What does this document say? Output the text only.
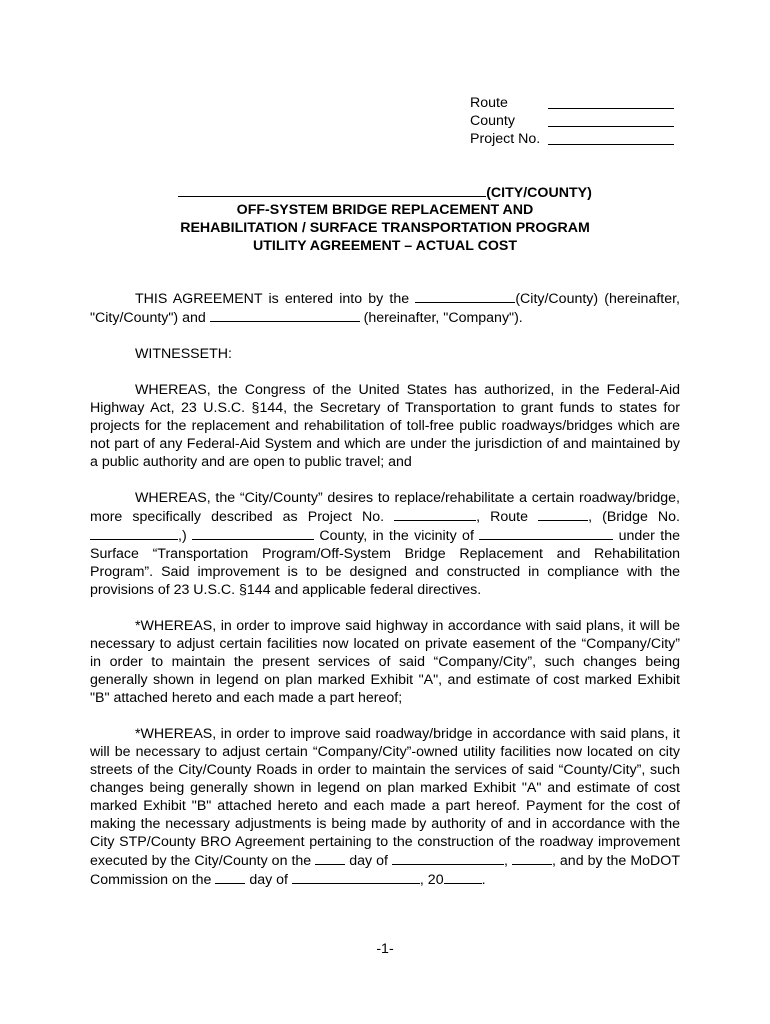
Route
County
Project No.
(CITY/COUNTY)
OFF-SYSTEM BRIDGE REPLACEMENT AND
REHABILITATION / SURFACE TRANSPORTATION PROGRAM
UTILITY AGREEMENT – ACTUAL COST

THIS AGREEMENT is entered into by the	(City/County) (hereinafter, "City/County") and	(hereinafter, "Company").

WITNESSETH:

WHEREAS, the Congress of the United States has authorized, in the Federal-Aid Highway Act, 23 U.S.C. §144, the Secretary of Transportation to grant funds to states for projects for the replacement and rehabilitation of toll-free public roadways/bridges which are not part of any Federal-Aid System and which are under the jurisdiction of and maintained by a public authority and are open to public travel; and

WHEREAS, the “City/County” desires to replace/rehabilitate a certain roadway/bridge, more specifically described as Project No.	, Route	, (Bridge No. ,)	County, in the vicinity of	under the Surface “Transportation Program/Off-System Bridge Replacement and Rehabilitation Program”. Said improvement is to be designed and constructed in compliance with the provisions of 23 U.S.C. §144 and applicable federal directives.

*WHEREAS, in order to improve said highway in accordance with said plans, it will be necessary to adjust certain facilities now located on private easement of the “Company/City” in order to maintain the present services of said “Company/City”, such changes being generally shown in legend on plan marked Exhibit "A", and estimate of cost marked Exhibit "B" attached hereto and each made a part hereof;

*WHEREAS, in order to improve said roadway/bridge in accordance with said plans, it will be necessary to adjust certain “Company/City”-owned utility facilities now located on city streets of the City/County Roads in order to maintain the services of said “County/City”, such changes being generally shown in legend on plan marked Exhibit "A" and estimate of cost marked Exhibit "B" attached hereto and each made a part hereof. Payment for the cost of making the necessary adjustments is being made by authority of and in accordance with the City STP/County BRO Agreement pertaining to the construction of the roadway improvement executed by the City/County on the  day of	,	, and by the MoDOT Commission on the  day of	, 20	.

-1-
